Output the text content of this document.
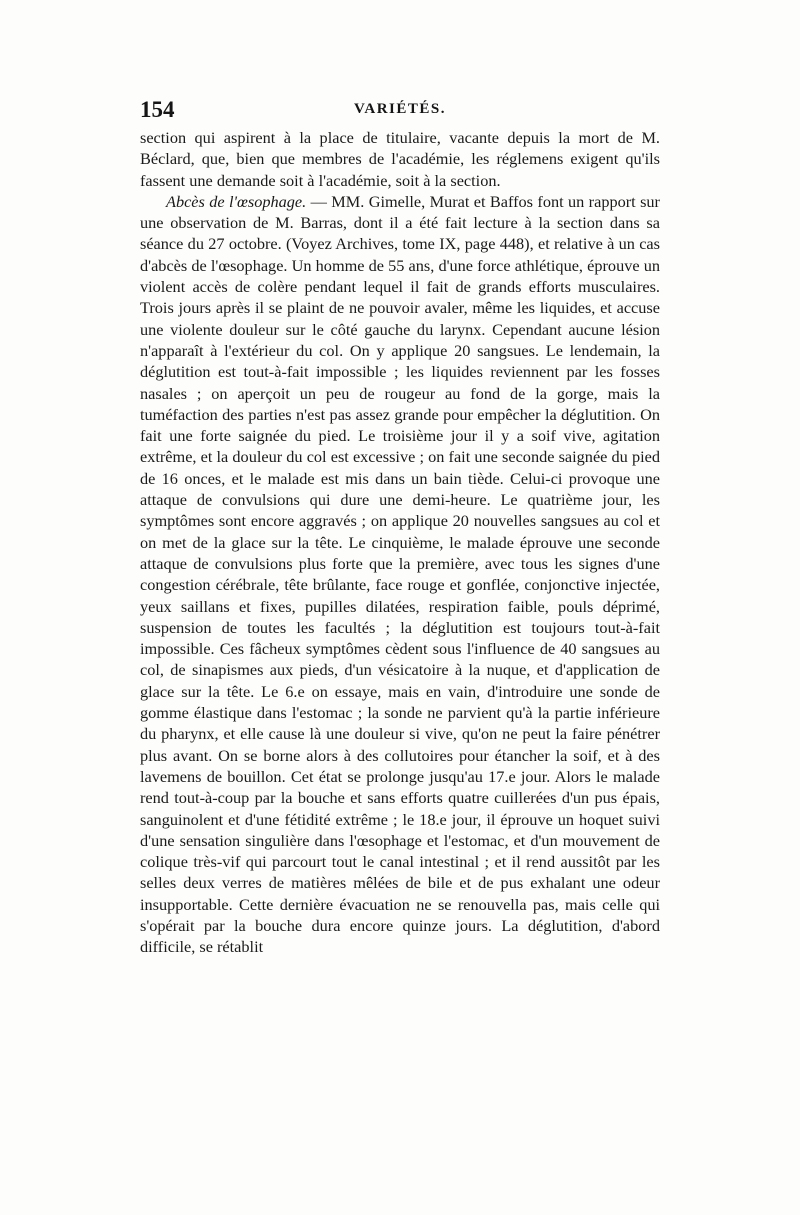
154	VARIÉTÉS.

section qui aspirent à la place de titulaire, vacante depuis la mort de M. Béclard, que, bien que membres de l'académie, les réglemens exigent qu'ils fassent une demande soit à l'académie, soit à la section.

Abcès de l'œsophage. — MM. Gimelle, Murat et Baffos font un rapport sur une observation de M. Barras, dont il a été fait lecture à la section dans sa séance du 27 octobre. (Voyez Archives, tome IX, page 448), et relative à un cas d'abcès de l'œsophage. Un homme de 55 ans, d'une force athlétique, éprouve un violent accès de colère pendant lequel il fait de grands efforts musculaires. Trois jours après il se plaint de ne pouvoir avaler, même les liquides, et accuse une violente douleur sur le côté gauche du larynx. Cependant aucune lésion n'apparaît à l'extérieur du col. On y applique 20 sangsues. Le lendemain, la déglutition est tout-à-fait impossible ; les liquides reviennent par les fosses nasales ; on aperçoit un peu de rougeur au fond de la gorge, mais la tuméfaction des parties n'est pas assez grande pour empêcher la déglutition. On fait une forte saignée du pied. Le troisième jour il y a soif vive, agitation extrême, et la douleur du col est excessive ; on fait une seconde saignée du pied de 16 onces, et le malade est mis dans un bain tiède. Celui-ci provoque une attaque de convulsions qui dure une demi-heure. Le quatrième jour, les symptômes sont encore aggravés ; on applique 20 nouvelles sangsues au col et on met de la glace sur la tête. Le cinquième, le malade éprouve une seconde attaque de convulsions plus forte que la première, avec tous les signes d'une congestion cérébrale, tête brûlante, face rouge et gonflée, conjonctive injectée, yeux saillans et fixes, pupilles dilatées, respiration faible, pouls déprimé, suspension de toutes les facultés ; la déglutition est toujours tout-à-fait impossible. Ces fâcheux symptômes cèdent sous l'influence de 40 sangsues au col, de sinapismes aux pieds, d'un vésicatoire à la nuque, et d'application de glace sur la tête. Le 6.e on essaye, mais en vain, d'introduire une sonde de gomme élastique dans l'estomac ; la sonde ne parvient qu'à la partie inférieure du pharynx, et elle cause là une douleur si vive, qu'on ne peut la faire pénétrer plus avant. On se borne alors à des collutoires pour étancher la soif, et à des lavemens de bouillon. Cet état se prolonge jusqu'au 17.e jour. Alors le malade rend tout-à-coup par la bouche et sans efforts quatre cuillerées d'un pus épais, sanguinolent et d'une fétidité extrême ; le 18.e jour, il éprouve un hoquet suivi d'une sensation singulière dans l'œsophage et l'estomac, et d'un mouvement de colique très-vif qui parcourt tout le canal intestinal ; et il rend aussitôt par les selles deux verres de matières mêlées de bile et de pus exhalant une odeur insupportable. Cette dernière évacuation ne se renouvella pas, mais celle qui s'opérait par la bouche dura encore quinze jours. La déglutition, d'abord difficile, se rétablit
